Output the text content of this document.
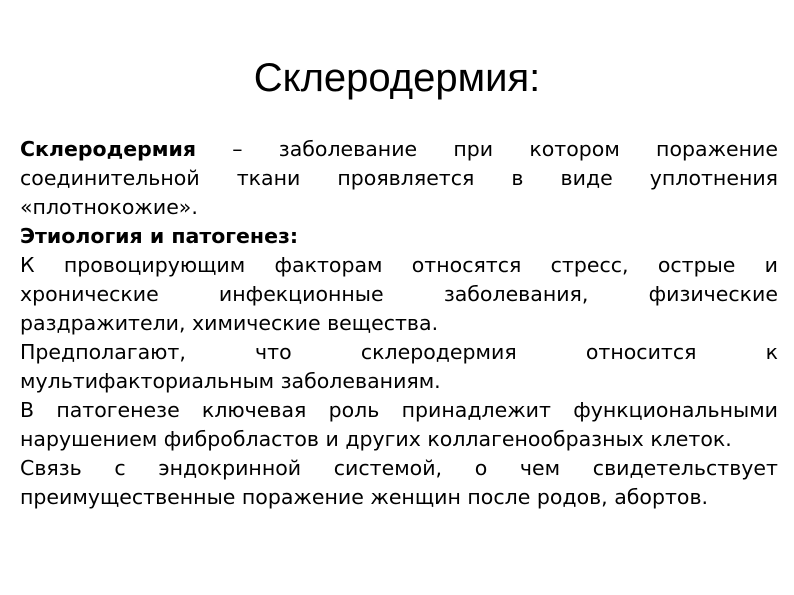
Склеродермия:

Склеродермия – заболевание при котором поражение соединительной ткани проявляется в виде уплотнения «плотнокожие».

Этиология и патогенез:

К провоцирующим факторам относятся стресс, острые и хронические инфекционные заболевания, физические раздражители, химические вещества.

Предполагают, что склеродермия относится к мультифакториальным заболеваниям.

В патогенезе ключевая роль принадлежит функциональными нарушением фибробластов и других коллагенообразных клеток.

Связь с эндокринной системой, о чем свидетельствует преимущественные поражение женщин после родов, абортов.
